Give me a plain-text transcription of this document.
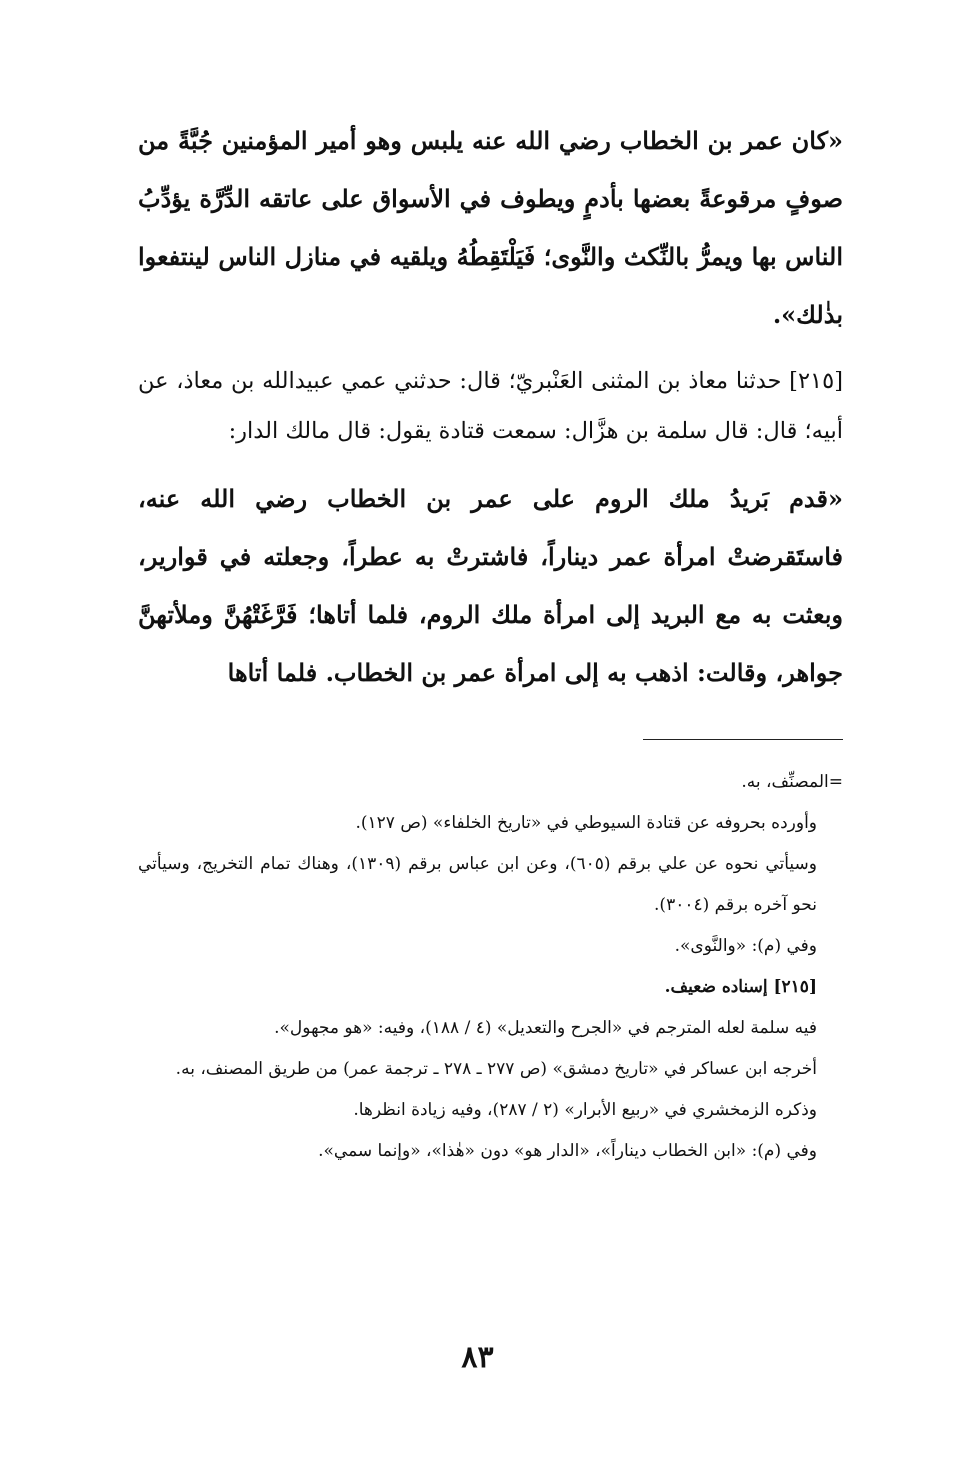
«كان عمر بن الخطاب رضي الله عنه يلبس وهو أمير المؤمنين جُبَّةً من صوفٍ مرقوعةً بعضها بأدمٍ ويطوف في الأسواق على عاتقه الدِّرَّة يؤدِّبُ الناس بها ويمرُّ بالنِّكث والنَّوى؛ فَيَلْتَقِطُهُ ويلقيه في منازل الناس لينتفعوا بذٰلك».

[٢١٥] حدثنا معاذ بن المثنى العَنْبريّ؛ قال: حدثني عمي عبيدالله بن معاذ، عن أبيه؛ قال: قال سلمة بن هزَّال: سمعت قتادة يقول: قال مالك الدار:

«قدم بَريدُ ملك الروم على عمر بن الخطاب رضي الله عنه، فاستَقرضتْ امرأة عمر ديناراً، فاشترتْ به عطراً، وجعلته في قوارير، وبعثت به مع البريد إلى امرأة ملك الروم، فلما أتاها؛ فَرَّغَتْهُنَّ وملأتهنَّ جواهر، وقالت: اذهب به إلى امرأة عمر بن الخطاب. فلما أتاها

=المصنِّف، به.

وأورده بحروفه عن قتادة السيوطي في «تاريخ الخلفاء» (ص ١٢٧).

وسيأتي نحوه عن علي برقم (٦٠٥)، وعن ابن عباس برقم (١٣٠٩)، وهناك تمام التخريج، وسيأتي نحو آخره برقم (٣٠٠٤).

وفي (م): «والنَّوى».

[٢١٥] إسناده ضعيف.

فيه سلمة لعله المترجم في «الجرح والتعديل» (٤ / ١٨٨)، وفيه: «هو مجهول».

أخرجه ابن عساكر في «تاريخ دمشق» (ص ٢٧٧ ـ ٢٧٨ ـ ترجمة عمر) من طريق المصنف، به.

وذكره الزمخشري في «ربيع الأبرار» (٢ / ٢٨٧)، وفيه زيادة انظرها.

وفي (م): «ابن الخطاب ديناراً»، «الدار هو» دون «هٰذا»، «وإنما سمي».

٨٣
